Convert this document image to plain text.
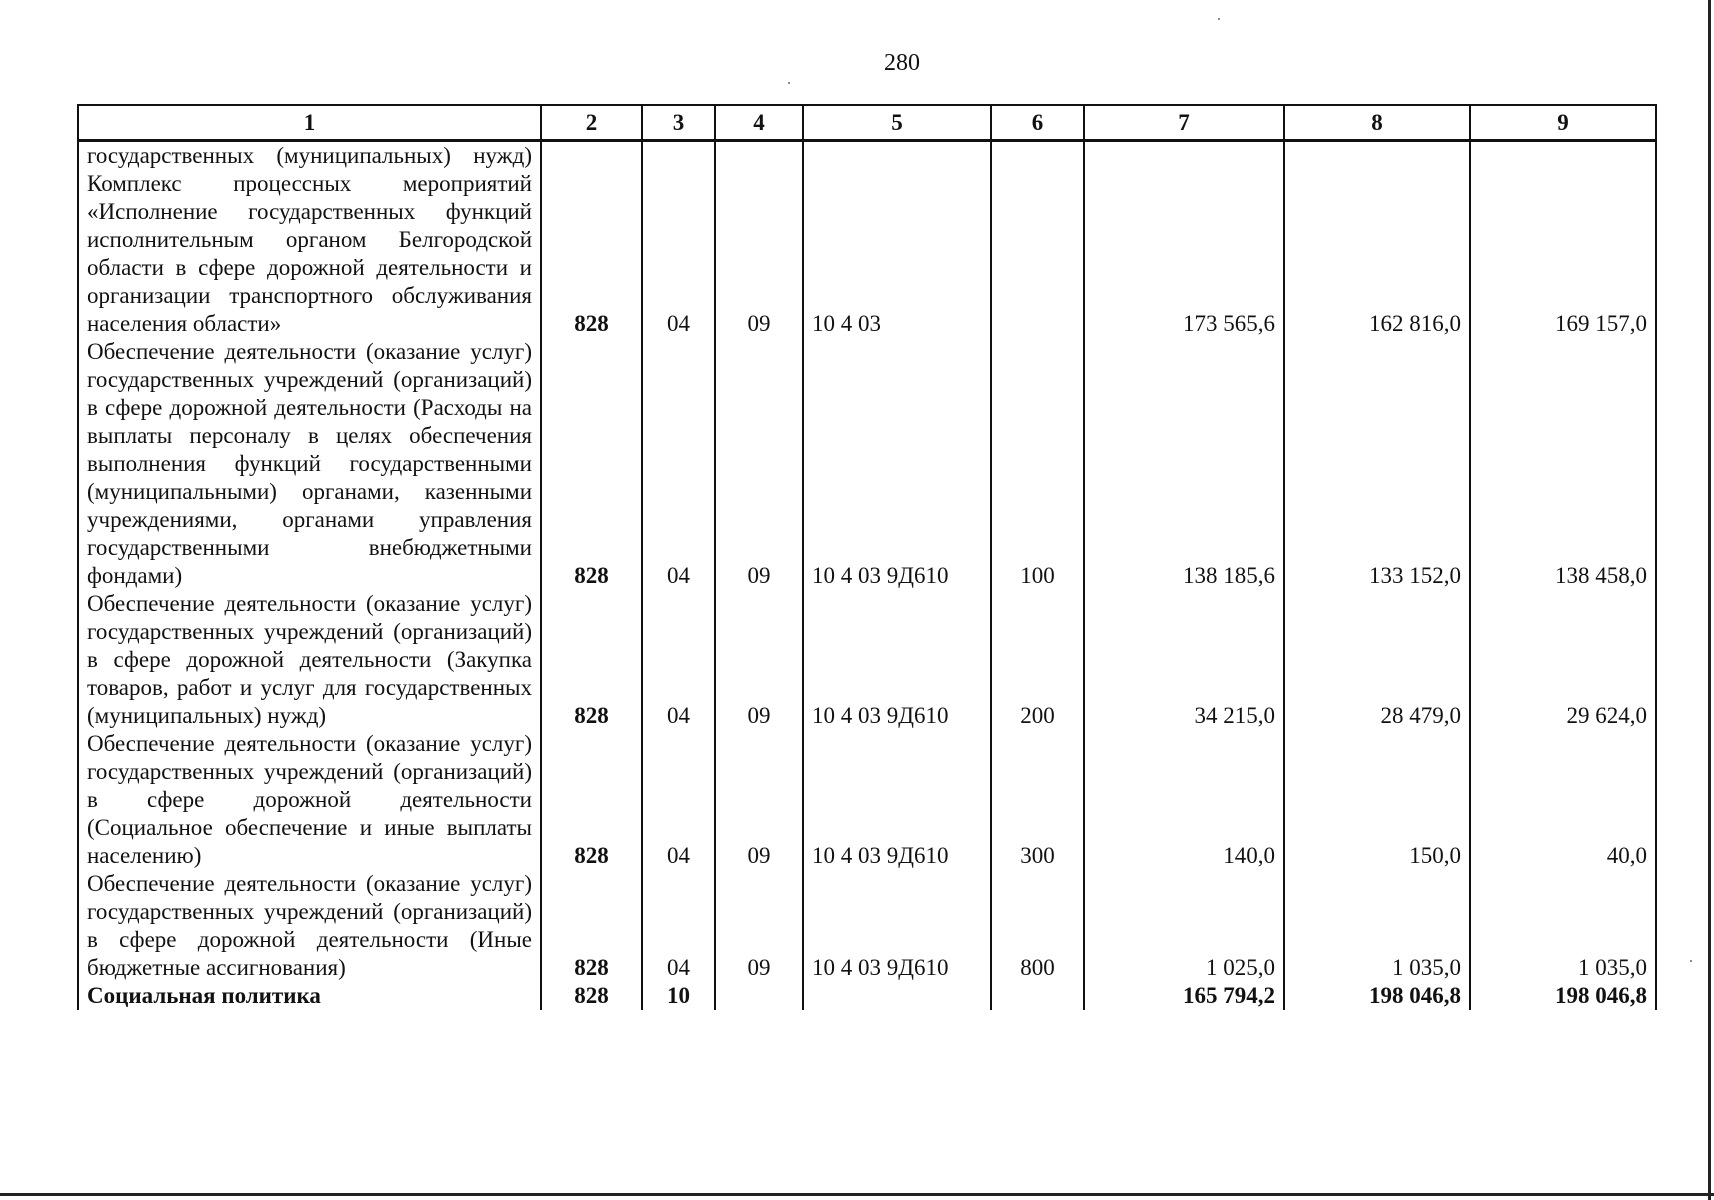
280
1	2	3	4	5	6	7	8	9
государственных (муниципальных) нужд) Комплекс процессных мероприятий «Исполнение государственных функций исполнительным органом Белгородской области в сфере дорожной деятельности и организации транспортного обслуживания населения области»	828	04	09	10 4 03		173 565,6	162 816,0	169 157,0
Обеспечение деятельности (оказание услуг) государственных учреждений (организаций) в сфере дорожной деятельности (Расходы на выплаты персоналу в целях обеспечения выполнения функций государственными (муниципальными) органами, казенными учреждениями, органами управления государственными внебюджетными фондами)	828	04	09	10 4 03 9Д610	100	138 185,6	133 152,0	138 458,0
Обеспечение деятельности (оказание услуг) государственных учреждений (организаций) в сфере дорожной деятельности (Закупка товаров, работ и услуг для государственных (муниципальных) нужд)	828	04	09	10 4 03 9Д610	200	34 215,0	28 479,0	29 624,0
Обеспечение деятельности (оказание услуг) государственных учреждений (организаций) в сфере дорожной деятельности (Социальное обеспечение и иные выплаты населению)	828	04	09	10 4 03 9Д610	300	140,0	150,0	40,0
Обеспечение деятельности (оказание услуг) государственных учреждений (организаций) в сфере дорожной деятельности (Иные бюджетные ассигнования)	828	04	09	10 4 03 9Д610	800	1 025,0	1 035,0	1 035,0
Социальная политика	828	10				165 794,2	198 046,8	198 046,8
